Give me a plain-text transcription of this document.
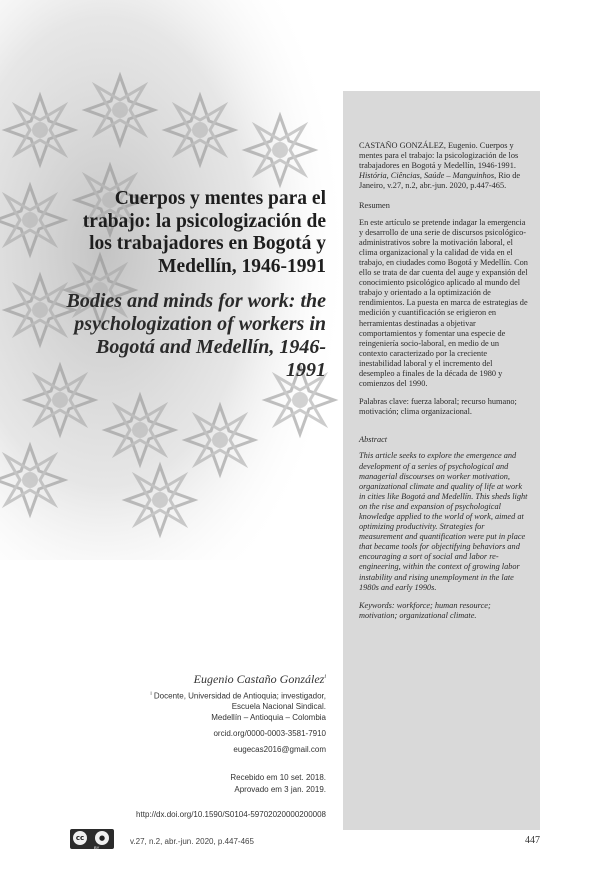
Cuerpos y mentes para el trabajo: la psicologización de los trabajadores en Bogotá y Medellín, 1946-1991
Bodies and minds for work: the psychologization of workers in Bogotá and Medellín, 1946-1991
Eugenio Castaño González$^i$
$^i$ Docente, Universidad de Antioquia; investigador,
Escuela Nacional Sindical.
Medellín – Antioquia – Colombia
orcid.org/0000-0003-3581-7910
eugecas2016@gmail.com
Recebido em 10 set. 2018.
Aprovado em 3 jan. 2019.
http://dx.doi.org/10.1590/S0104-59702020000200008

CASTAÑO GONZÁLEZ, Eugenio. Cuerpos y mentes para el trabajo: la psicologización de los trabajadores en Bogotá y Medellín, 1946-1991. História, Ciências, Saúde – Manguinhos, Rio de Janeiro, v.27, n.2, abr.-jun. 2020, p.447-465.

Resumen

En este artículo se pretende indagar la emergencia y desarrollo de una serie de discursos psicológico-administrativos sobre la motivación laboral, el clima organizacional y la calidad de vida en el trabajo, en ciudades como Bogotá y Medellín. Con ello se trata de dar cuenta del auge y expansión del conocimiento psicológico aplicado al mundo del trabajo y orientado a la optimización de rendimientos. La puesta en marca de estrategias de medición y cuantificación se erigieron en herramientas destinadas a objetivar comportamientos y fomentar una especie de reingeniería socio-laboral, en medio de un contexto caracterizado por la creciente inestabilidad laboral y el incremento del desempleo a finales de la década de 1980 y comienzos del 1990.

Palabras clave: fuerza laboral; recurso humano; motivación; clima organizacional.

Abstract

This article seeks to explore the emergence and development of a series of psychological and managerial discourses on worker motivation, organizational climate and quality of life at work in cities like Bogotá and Medellín. This sheds light on the rise and expansion of psychological knowledge applied to the world of work, aimed at optimizing productivity. Strategies for measurement and quantification were put in place that became tools for objectifying behaviors and encouraging a sort of social and labor re-engineering, within the context of growing labor instability and rising unemployment in the late 1980s and early 1990s.

Keywords: workforce; human resource; motivation; organizational climate.

cc	●
BY
v.27, n.2, abr.-jun. 2020, p.447-465	447
